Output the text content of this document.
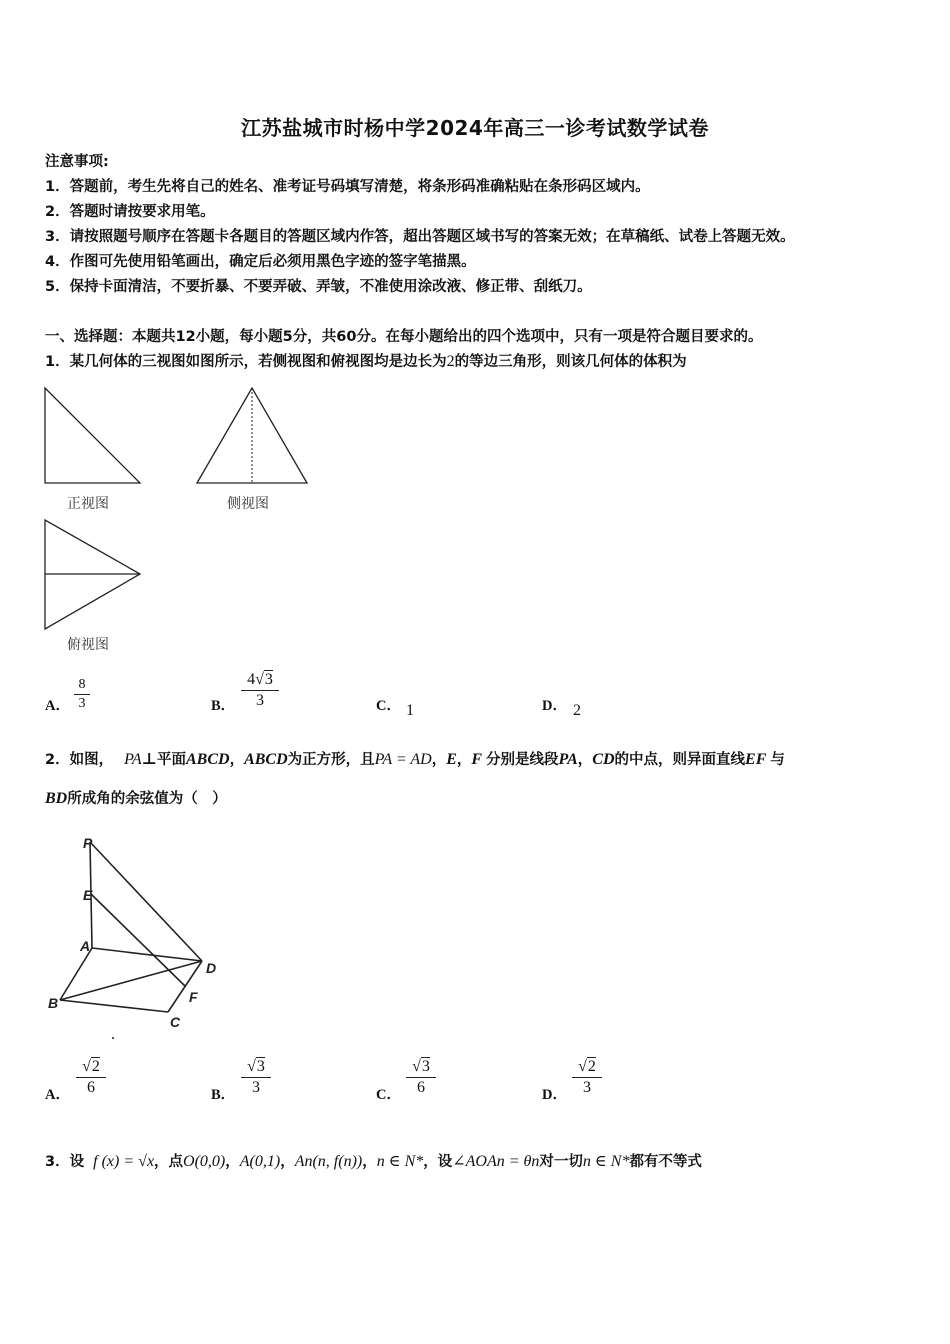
江苏盐城市时杨中学2024年高三一诊考试数学试卷
注意事项:
1．答题前，考生先将自己的姓名、准考证号码填写清楚，将条形码准确粘贴在条形码区域内。
2．答题时请按要求用笔。
3．请按照题号顺序在答题卡各题目的答题区域内作答，超出答题区域书写的答案无效；在草稿纸、试卷上答题无效。
4．作图可先使用铅笔画出，确定后必须用黑色字迹的签字笔描黑。
5．保持卡面清洁，不要折暴、不要弄破、弄皱，不准使用涂改液、修正带、刮纸刀。
一、选择题：本题共12小题，每小题5分，共60分。在每小题给出的四个选项中，只有一项是符合题目要求的。
1．某几何体的三视图如图所示，若侧视图和俯视图均是边长为2的等边三角形，则该几何体的体积为
正视图	侧视图
俯视图
A． $\frac{8}{3}$	B． $\frac{4√3}{3}$	C． 1	D． 2
2．如图， PA⊥平面ABCD，ABCD为正方形，且PA = AD，E，F 分别是线段PA，CD的中点，则异面直线EF 与
BD所成角的余弦值为（　）
P
E
A
D
B	F
C
A． $\frac{√2}{6}$	B． $\frac{√3}{3}$	C． $\frac{√3}{6}$	D． $\frac{√2}{3}$
3．设 f (x) = √x，点O(0,0)，A(0,1)，An(n, f(n))，n ∈ N*，设∠AOAn = θn对一切n ∈ N*都有不等式
